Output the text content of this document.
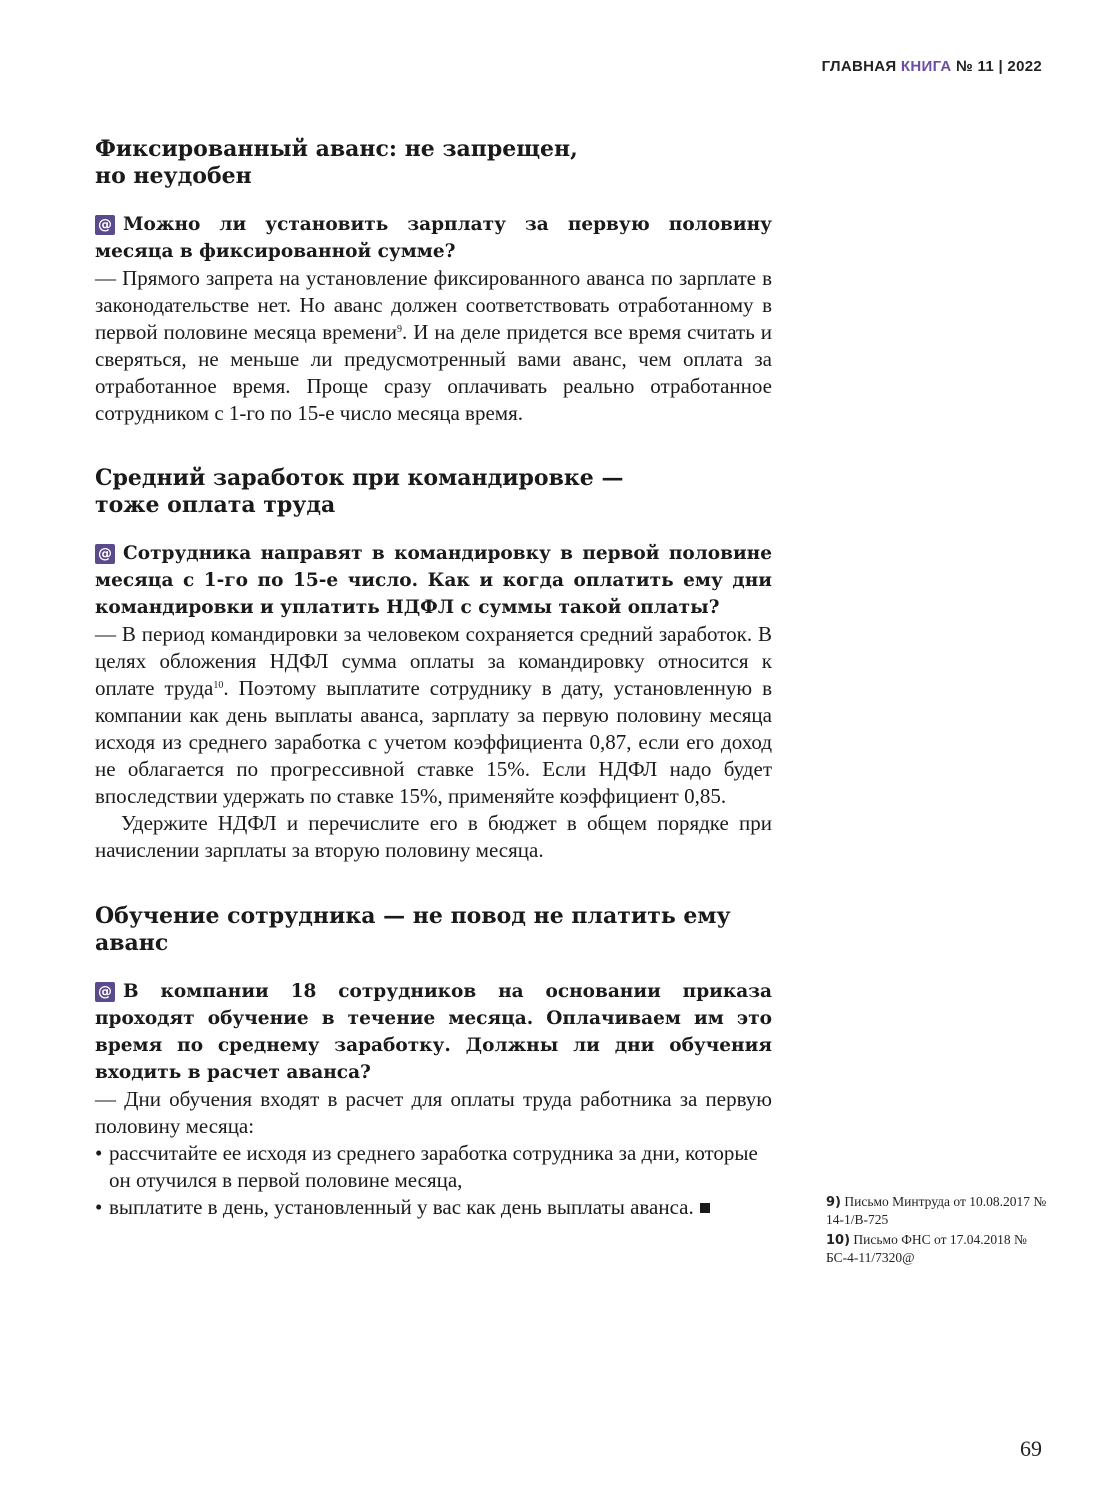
ГЛАВНАЯ КНИГА № 11 | 2022
Фиксированный аванс: не запрещен,
но неудобен

@ Можно ли установить зарплату за первую половину месяца в фиксированной сумме?

— Прямого запрета на установление фиксированного аванса по зарплате в законодательстве нет. Но аванс должен соответствовать отработанному в первой половине месяца времени$^9$. И на деле придется все время считать и сверяться, не меньше ли предусмотренный вами аванс, чем оплата за отработанное время. Проще сразу оплачивать реально отработанное сотрудником с 1-го по 15-е число месяца время.

Средний заработок при командировке —
тоже оплата труда

@ Сотрудника направят в командировку в первой половине месяца с 1-го по 15-е число. Как и когда оплатить ему дни командировки и уплатить НДФЛ с суммы такой оплаты?

— В период командировки за человеком сохраняется средний заработок. В целях обложения НДФЛ сумма оплаты за командировку относится к оплате труда$^{10}$. Поэтому выплатите сотруднику в дату, установленную в компании как день выплаты аванса, зарплату за первую половину месяца исходя из среднего заработка с учетом коэффициента 0,87, если его доход не облагается по прогрессивной ставке 15%. Если НДФЛ надо будет впоследствии удержать по ставке 15%, применяйте коэффициент 0,85.

Удержите НДФЛ и перечислите его в бюджет в общем порядке при начислении зарплаты за вторую половину месяца.

Обучение сотрудника — не повод не платить ему
аванс

@ В компании 18 сотрудников на основании приказа проходят обучение в течение месяца. Оплачиваем им это время по среднему заработку. Должны ли дни обучения входить в расчет аванса?

— Дни обучения входят в расчет для оплаты труда работника за первую половину месяца:

• рассчитайте ее исходя из среднего заработка сотрудника за дни, которые он отучился в первой половине месяца,
• выплатите в день, установленный у вас как день выплаты аванса.	9) Письмо Минтруда от 10.08.2017 № 14-1/В-725
10) Письмо ФНС от 17.04.2018 № БС-4-11/7320@
69
